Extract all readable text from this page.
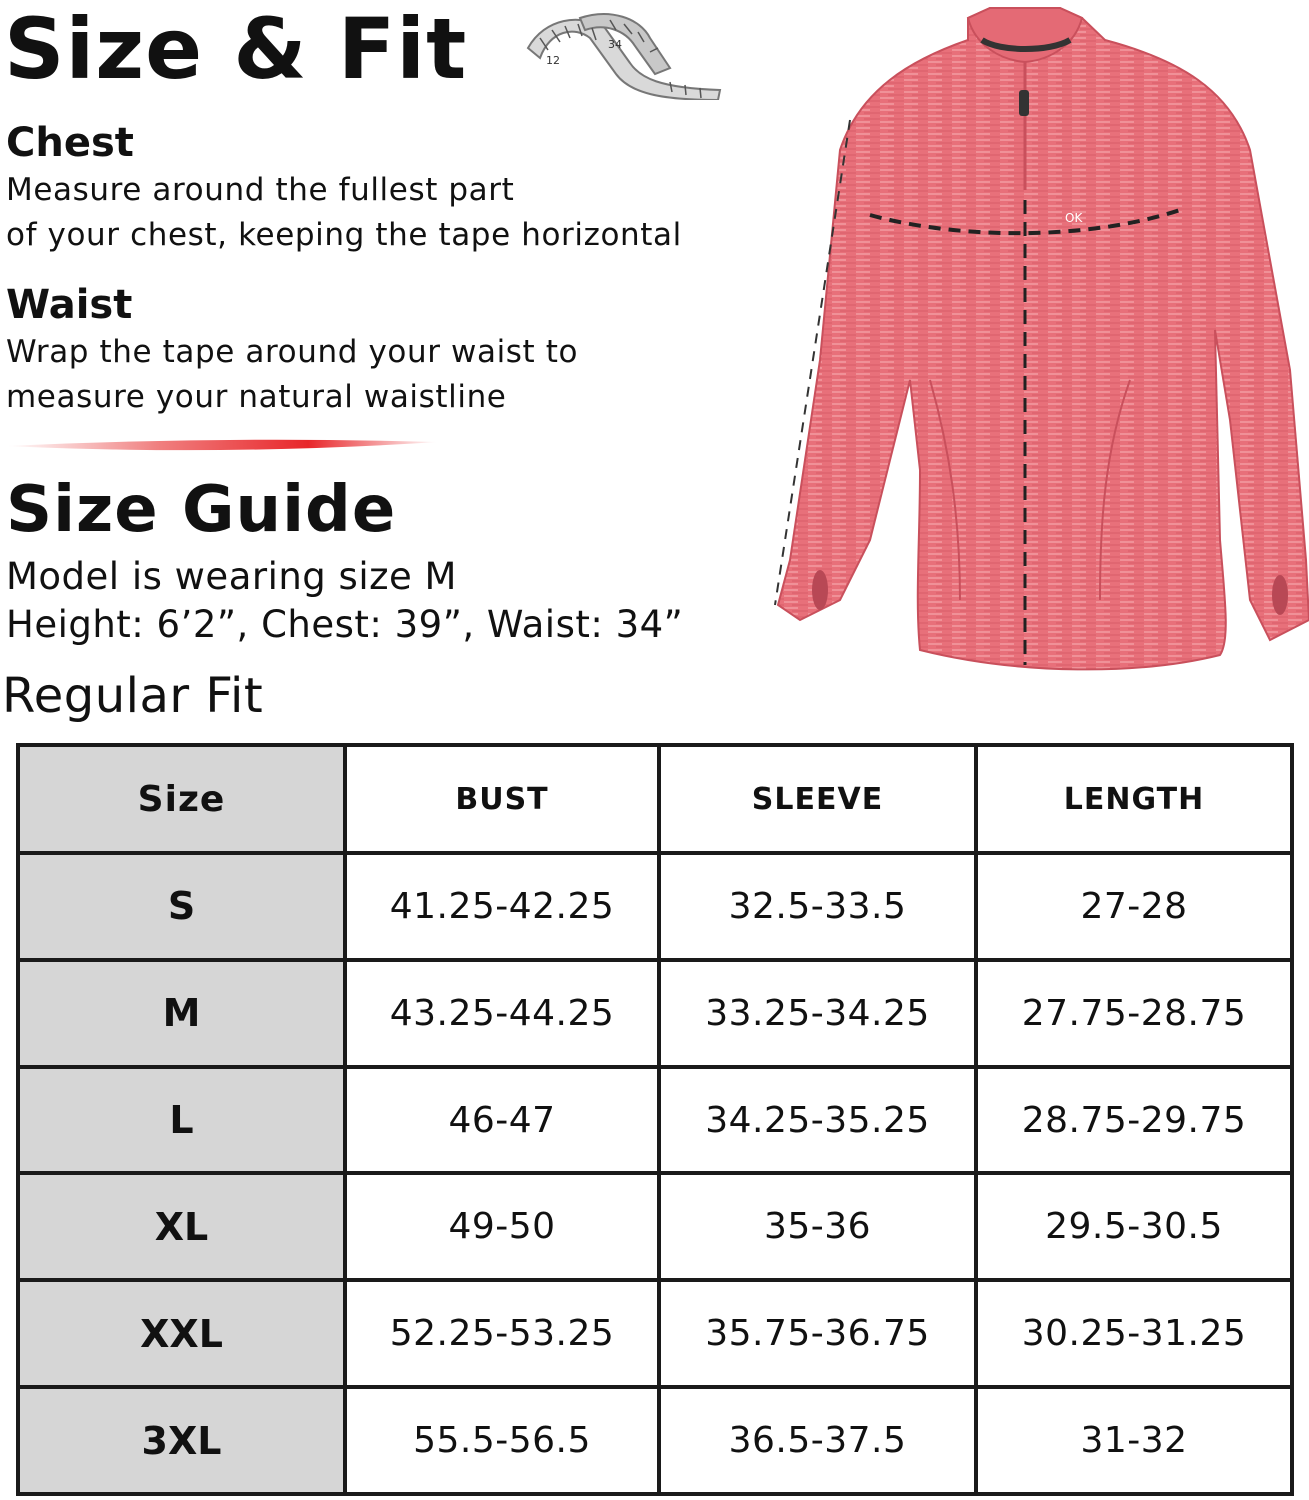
Size & Fit	12
34
Chest
Measure around the fullest part
of your chest, keeping the tape horizontal
Waist
Wrap the tape around your waist to
measure your natural waistline
Size Guide
Model is wearing size M
Height: 6’2”, Chest: 39”, Waist: 34”
Regular Fit
OK
Size	BUST	SLEEVE	LENGTH
S	41.25-42.25	32.5-33.5	27-28
M	43.25-44.25	33.25-34.25	27.75-28.75
L	46-47	34.25-35.25	28.75-29.75
XL	49-50	35-36	29.5-30.5
XXL	52.25-53.25	35.75-36.75	30.25-31.25
3XL	55.5-56.5	36.5-37.5	31-32
